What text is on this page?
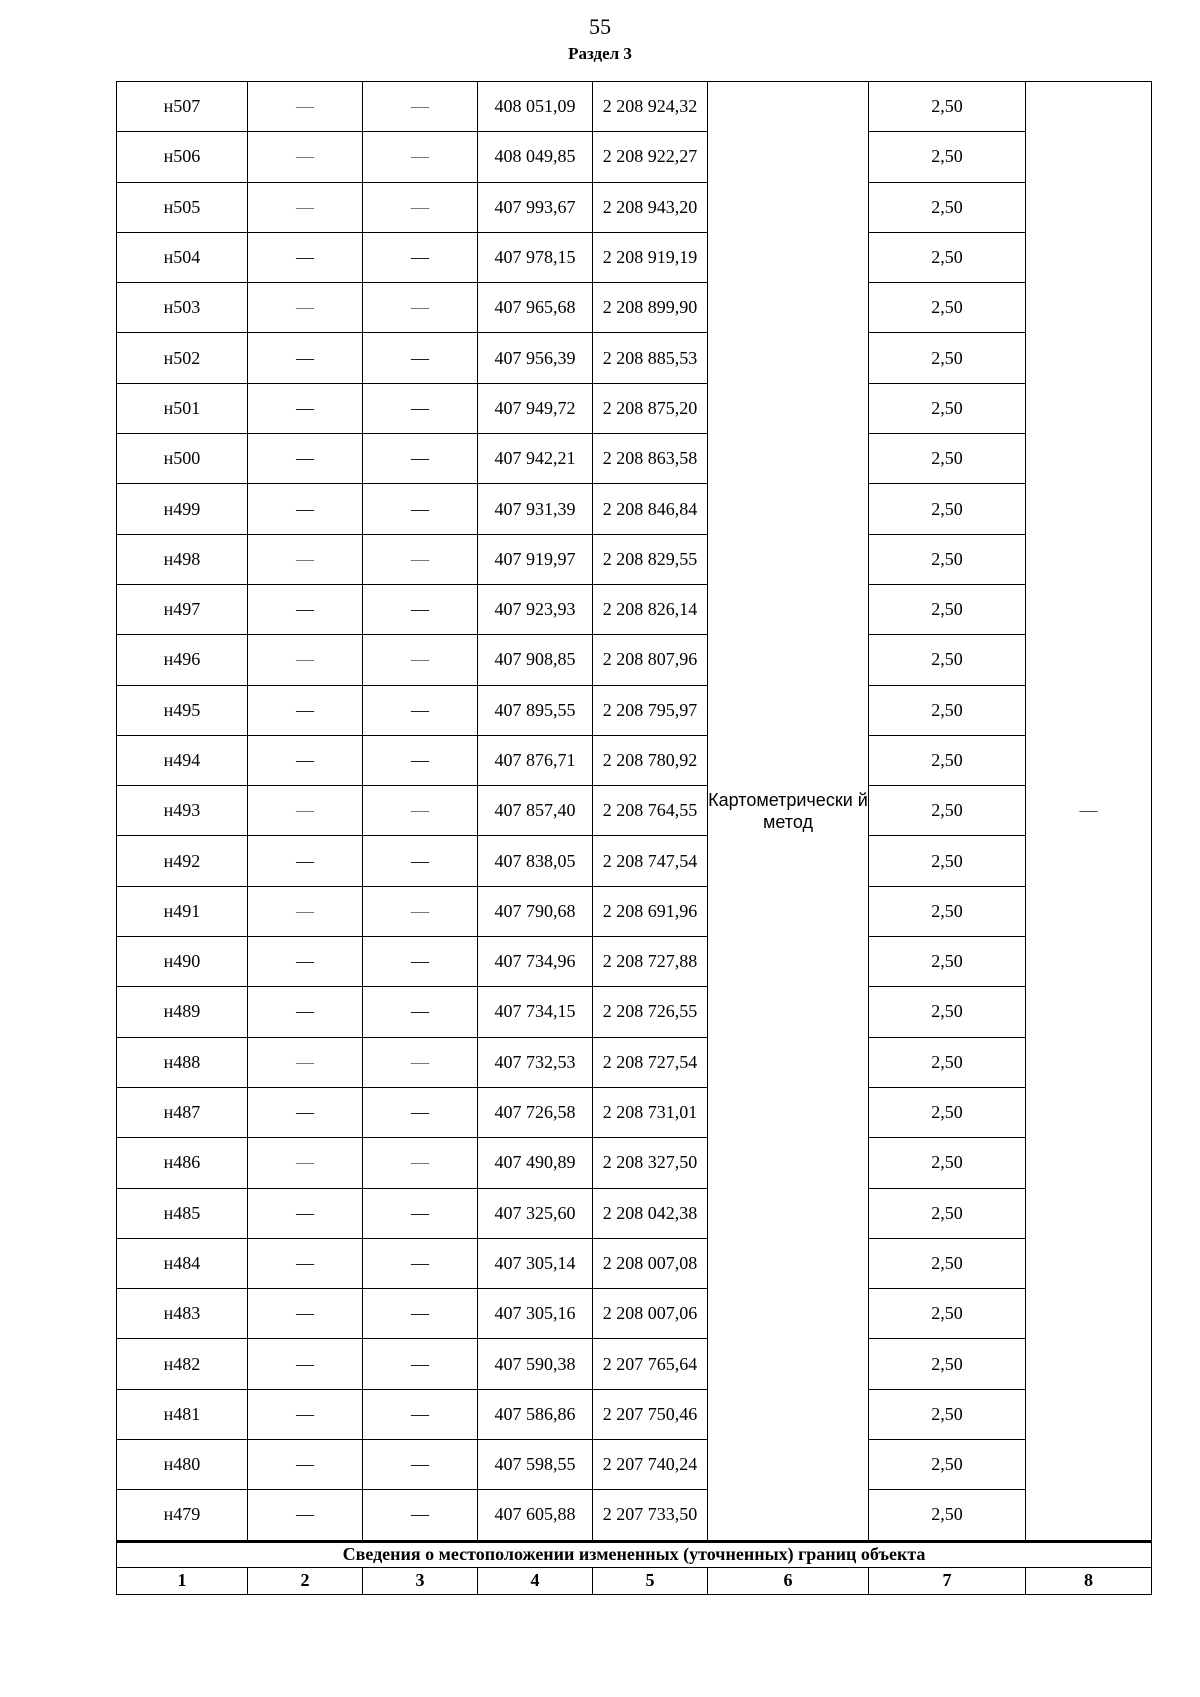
55
Раздел 3
н507	—	—	408 051,09	2 208 924,32	Картометрически й метод	2,50	—
н506	—	—	408 049,85	2 208 922,27		2,50	
н505	—	—	407 993,67	2 208 943,20		2,50	
н504	—	—	407 978,15	2 208 919,19		2,50	
н503	—	—	407 965,68	2 208 899,90		2,50	
н502	—	—	407 956,39	2 208 885,53		2,50	
н501	—	—	407 949,72	2 208 875,20		2,50	
н500	—	—	407 942,21	2 208 863,58		2,50	
н499	—	—	407 931,39	2 208 846,84		2,50	
н498	—	—	407 919,97	2 208 829,55		2,50	
н497	—	—	407 923,93	2 208 826,14		2,50	
н496	—	—	407 908,85	2 208 807,96		2,50	
н495	—	—	407 895,55	2 208 795,97		2,50	
н494	—	—	407 876,71	2 208 780,92		2,50	
н493	—	—	407 857,40	2 208 764,55		2,50	
н492	—	—	407 838,05	2 208 747,54		2,50	
н491	—	—	407 790,68	2 208 691,96		2,50	
н490	—	—	407 734,96	2 208 727,88		2,50	
н489	—	—	407 734,15	2 208 726,55		2,50	
н488	—	—	407 732,53	2 208 727,54		2,50	
н487	—	—	407 726,58	2 208 731,01		2,50	
н486	—	—	407 490,89	2 208 327,50		2,50	
н485	—	—	407 325,60	2 208 042,38		2,50	
н484	—	—	407 305,14	2 208 007,08		2,50	
н483	—	—	407 305,16	2 208 007,06		2,50	
н482	—	—	407 590,38	2 207 765,64		2,50	
н481	—	—	407 586,86	2 207 750,46		2,50	
н480	—	—	407 598,55	2 207 740,24		2,50	
н479	—	—	407 605,88	2 207 733,50		2,50	
Сведения о местоположении измененных (уточненных) границ объекта							
1	2	3	4	5	6	7	8
